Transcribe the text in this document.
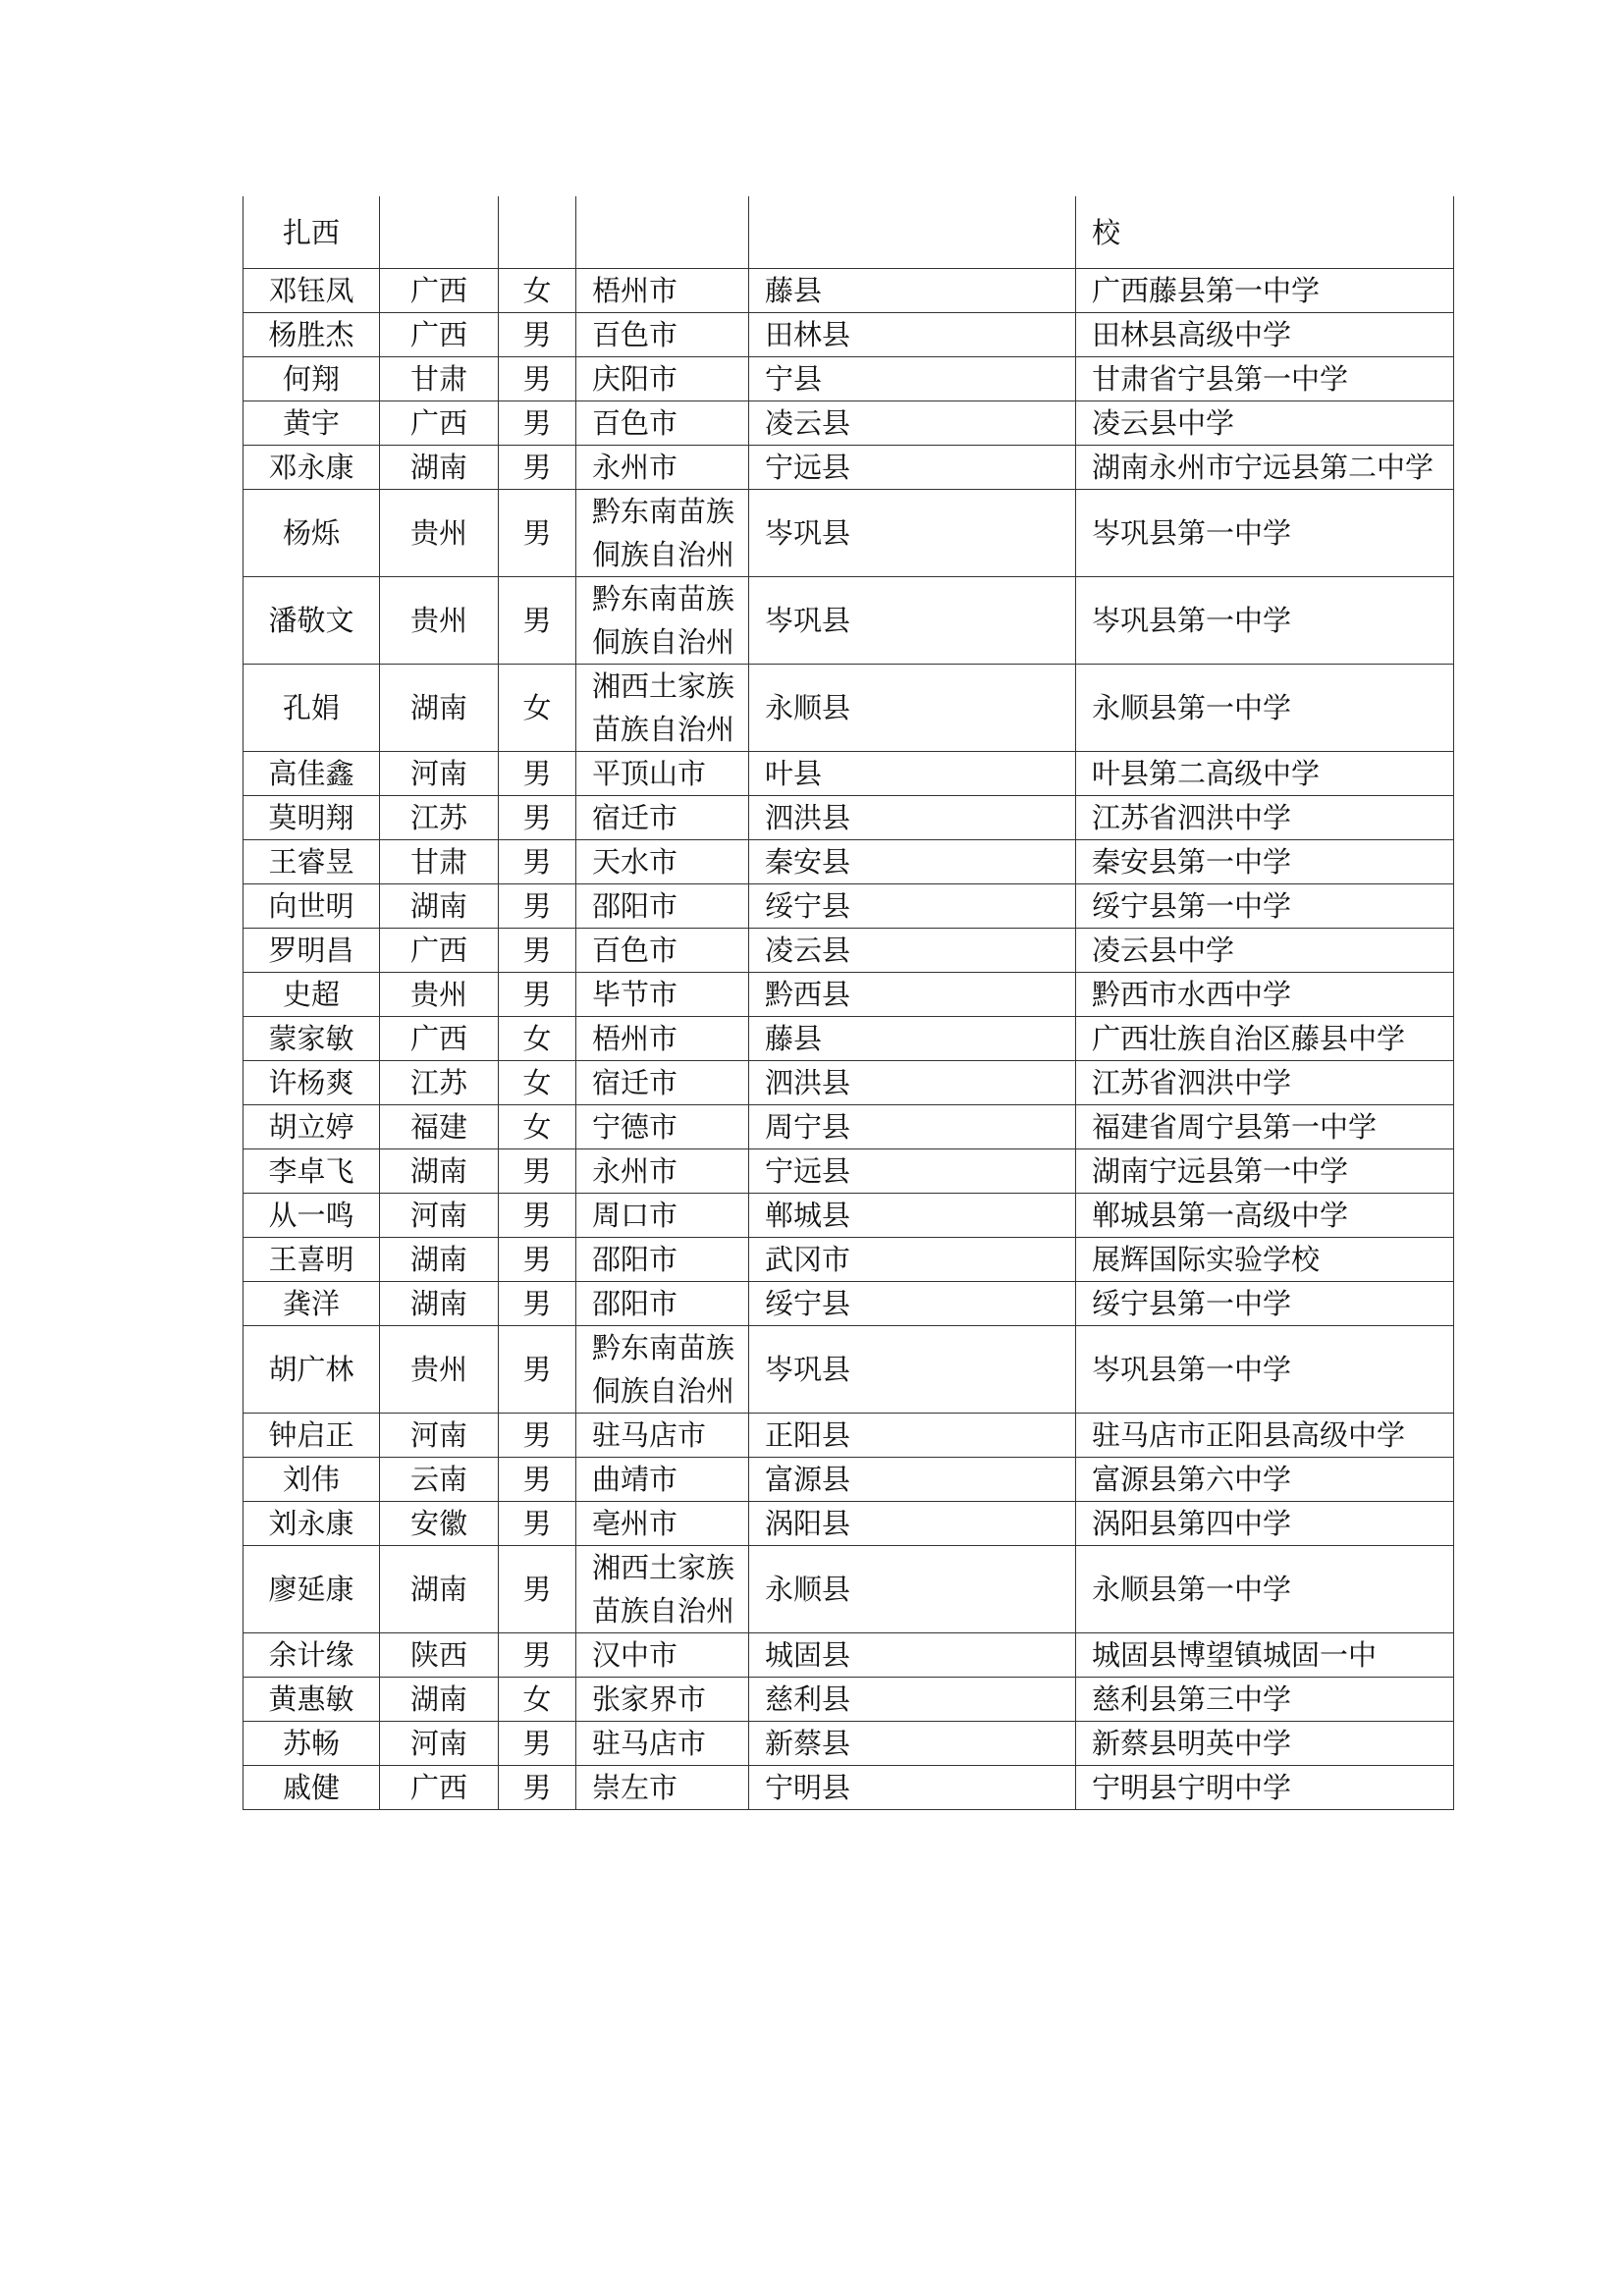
扎西					校
邓钰凤	广西	女	梧州市	藤县	广西藤县第一中学
杨胜杰	广西	男	百色市	田林县	田林县高级中学
何翔	甘肃	男	庆阳市	宁县	甘肃省宁县第一中学
黄宇	广西	男	百色市	凌云县	凌云县中学
邓永康	湖南	男	永州市	宁远县	湖南永州市宁远县第二中学
杨烁	贵州	男	黔东南苗族侗族自治州	岑巩县	岑巩县第一中学
潘敬文	贵州	男	黔东南苗族侗族自治州	岑巩县	岑巩县第一中学
孔娟	湖南	女	湘西土家族苗族自治州	永顺县	永顺县第一中学
高佳鑫	河南	男	平顶山市	叶县	叶县第二高级中学
莫明翔	江苏	男	宿迁市	泗洪县	江苏省泗洪中学
王睿昱	甘肃	男	天水市	秦安县	秦安县第一中学
向世明	湖南	男	邵阳市	绥宁县	绥宁县第一中学
罗明昌	广西	男	百色市	凌云县	凌云县中学
史超	贵州	男	毕节市	黔西县	黔西市水西中学
蒙家敏	广西	女	梧州市	藤县	广西壮族自治区藤县中学
许杨爽	江苏	女	宿迁市	泗洪县	江苏省泗洪中学
胡立婷	福建	女	宁德市	周宁县	福建省周宁县第一中学
李卓飞	湖南	男	永州市	宁远县	湖南宁远县第一中学
从一鸣	河南	男	周口市	郸城县	郸城县第一高级中学
王喜明	湖南	男	邵阳市	武冈市	展辉国际实验学校
龚洋	湖南	男	邵阳市	绥宁县	绥宁县第一中学
胡广林	贵州	男	黔东南苗族侗族自治州	岑巩县	岑巩县第一中学
钟启正	河南	男	驻马店市	正阳县	驻马店市正阳县高级中学
刘伟	云南	男	曲靖市	富源县	富源县第六中学
刘永康	安徽	男	亳州市	涡阳县	涡阳县第四中学
廖延康	湖南	男	湘西土家族苗族自治州	永顺县	永顺县第一中学
余计缘	陕西	男	汉中市	城固县	城固县博望镇城固一中
黄惠敏	湖南	女	张家界市	慈利县	慈利县第三中学
苏畅	河南	男	驻马店市	新蔡县	新蔡县明英中学
戚健	广西	男	崇左市	宁明县	宁明县宁明中学
